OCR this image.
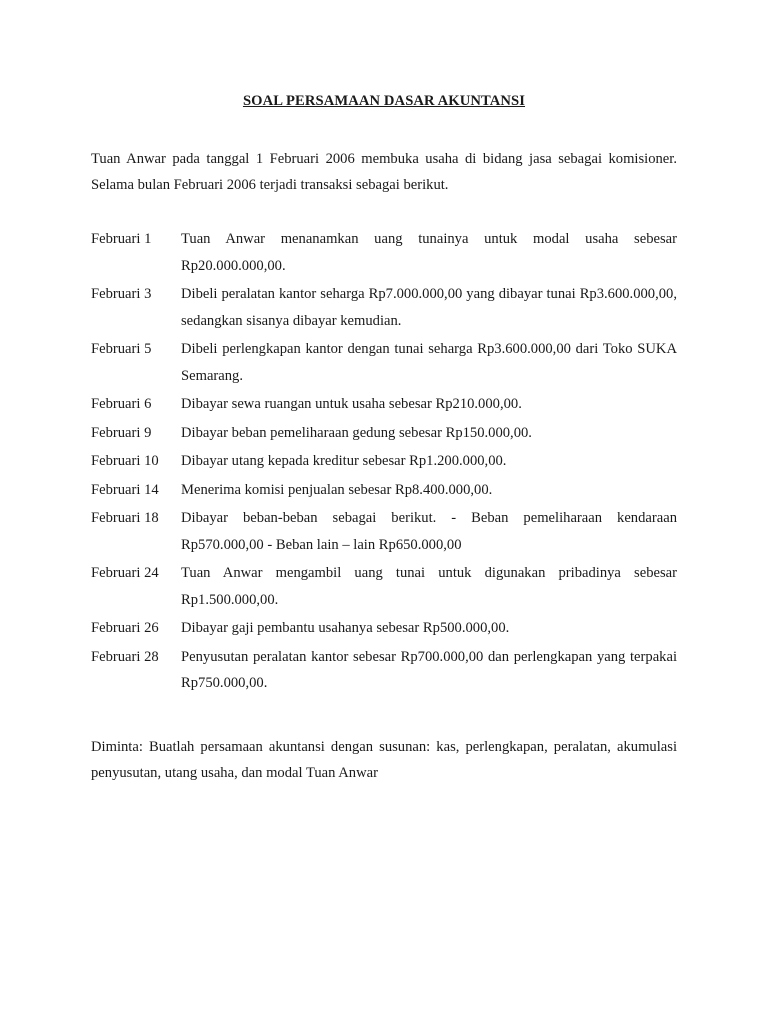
SOAL PERSAMAAN DASAR AKUNTANSI
Tuan Anwar pada tanggal 1 Februari 2006 membuka usaha di bidang jasa sebagai komisioner. Selama bulan Februari 2006 terjadi transaksi sebagai berikut.
Februari 1	Tuan Anwar menanamkan uang tunainya untuk modal usaha sebesar Rp20.000.000,00.
Februari 3	Dibeli peralatan kantor seharga Rp7.000.000,00 yang dibayar tunai Rp3.600.000,00, sedangkan sisanya dibayar kemudian.
Februari 5	Dibeli perlengkapan kantor dengan tunai seharga Rp3.600.000,00 dari Toko SUKA Semarang.
Februari 6	Dibayar sewa ruangan untuk usaha sebesar Rp210.000,00.
Februari 9	Dibayar beban pemeliharaan gedung sebesar Rp150.000,00.
Februari 10	Dibayar utang kepada kreditur sebesar Rp1.200.000,00.
Februari 14	Menerima komisi penjualan sebesar Rp8.400.000,00.
Februari 18	Dibayar beban-beban sebagai berikut. - Beban pemeliharaan kendaraan Rp570.000,00 - Beban lain – lain Rp650.000,00
Februari 24	Tuan Anwar mengambil uang tunai untuk digunakan pribadinya sebesar Rp1.500.000,00.
Februari 26	Dibayar gaji pembantu usahanya sebesar Rp500.000,00.
Februari 28	Penyusutan peralatan kantor sebesar Rp700.000,00 dan perlengkapan yang terpakai Rp750.000,00.
Diminta: Buatlah persamaan akuntansi dengan susunan: kas, perlengkapan, peralatan, akumulasi penyusutan, utang usaha, dan modal Tuan Anwar
